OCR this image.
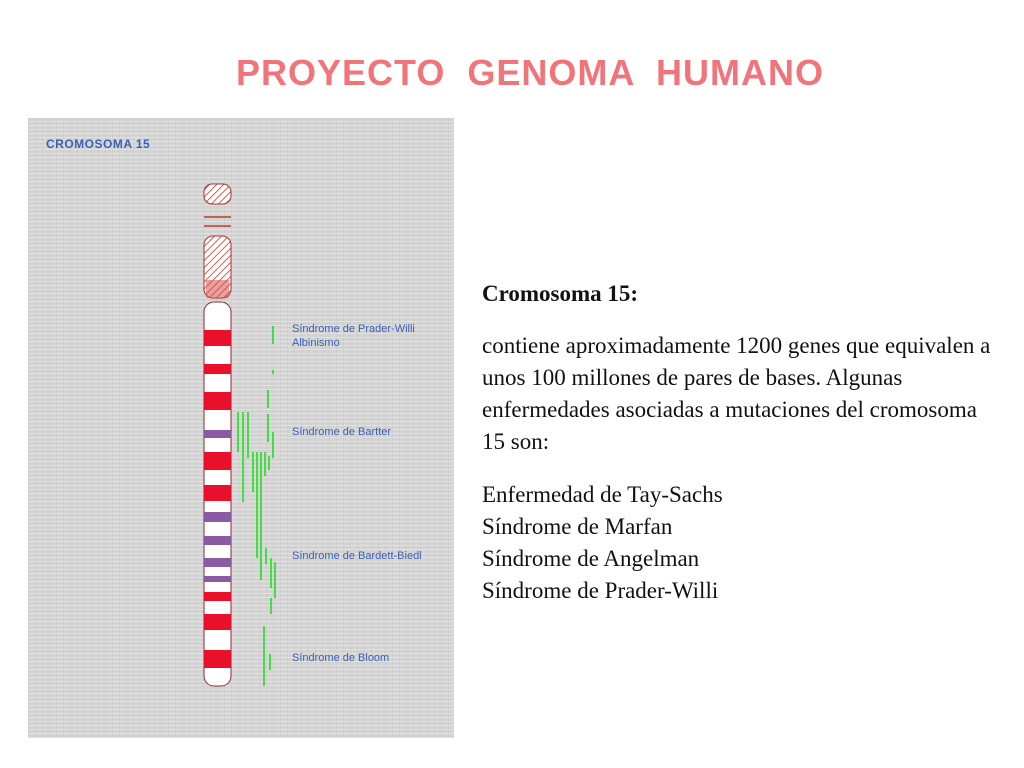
PROYECTO  GENOMA  HUMANO
CROMOSOMA 15
Síndrome de Prader-Willi
Albinismo
Síndrome de Bartter
Síndrome de Bardett-Biedl
Síndrome de Bloom
Cromosoma 15:
contiene aproximadamente 1200 genes que equivalen a unos 100 millones de pares de bases. Algunas enfermedades asociadas a mutaciones del cromosoma 15 son:
Enfermedad de Tay-Sachs
Síndrome de Marfan
Síndrome de Angelman
Síndrome de Prader-Willi
